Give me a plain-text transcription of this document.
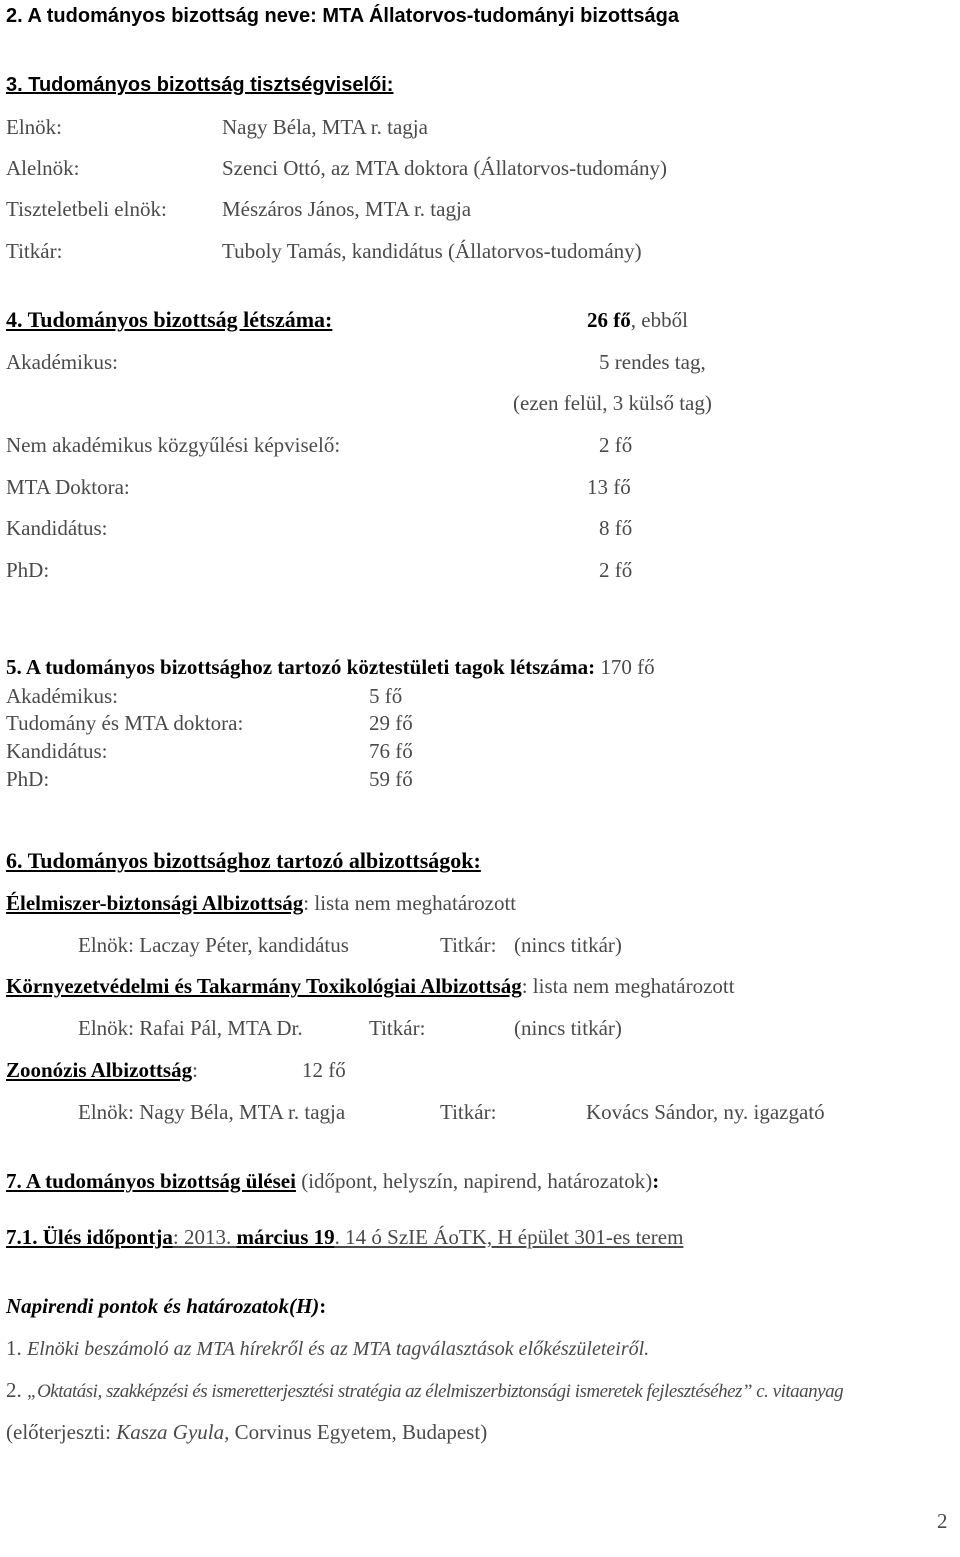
2. A tudományos bizottság neve: MTA Állatorvos-tudományi bizottsága
3. Tudományos bizottság tisztségviselői:
Elnök:	Nagy Béla, MTA r. tagja
Alelnök:	Szenci Ottó, az MTA doktora (Állatorvos-tudomány)
Tiszteletbeli elnök:	Mészáros János, MTA r. tagja
Titkár:	Tuboly Tamás, kandidátus (Állatorvos-tudomány)
4. Tudományos bizottság létszáma:	26 fő, ebből
Akadémikus:	5 rendes tag,
(ezen felül, 3 külső tag)
Nem akadémikus közgyűlési képviselő:	2 fő
MTA Doktora:	13 fő
Kandidátus:	8 fő
PhD:	2 fő
5. A tudományos bizottsághoz tartozó köztestületi tagok létszáma: 170 fő
Akadémikus:	5 fő
Tudomány és MTA doktora:	29 fő
Kandidátus:	76 fő
PhD:	59 fő
6. Tudományos bizottsághoz tartozó albizottságok:
Élelmiszer-biztonsági Albizottság: lista nem meghatározott
Elnök: Laczay Péter, kandidátus	Titkár: (nincs titkár)
Környezetvédelmi és Takarmány Toxikológiai Albizottság: lista nem meghatározott
Elnök: Rafai Pál, MTA Dr.	Titkár:	(nincs titkár)
Zoonózis Albizottság:	12 fő
Elnök: Nagy Béla, MTA r. tagja	Titkár:	Kovács Sándor, ny. igazgató
7. A tudományos bizottság ülései (időpont, helyszín, napirend, határozatok):
7.1. Ülés időpontja: 2013. március 19. 14 ó SzIE ÁoTK, H épület 301-es terem
Napirendi pontok és határozatok(H):
1. Elnöki beszámoló az MTA hírekről és az MTA tagválasztások előkészületeiről.
2. „Oktatási, szakképzési és ismeretterjesztési stratégia az élelmiszerbiztonsági ismeretek fejlesztéséhez” c. vitaanyag
(előterjeszti: Kasza Gyula, Corvinus Egyetem, Budapest)
2
